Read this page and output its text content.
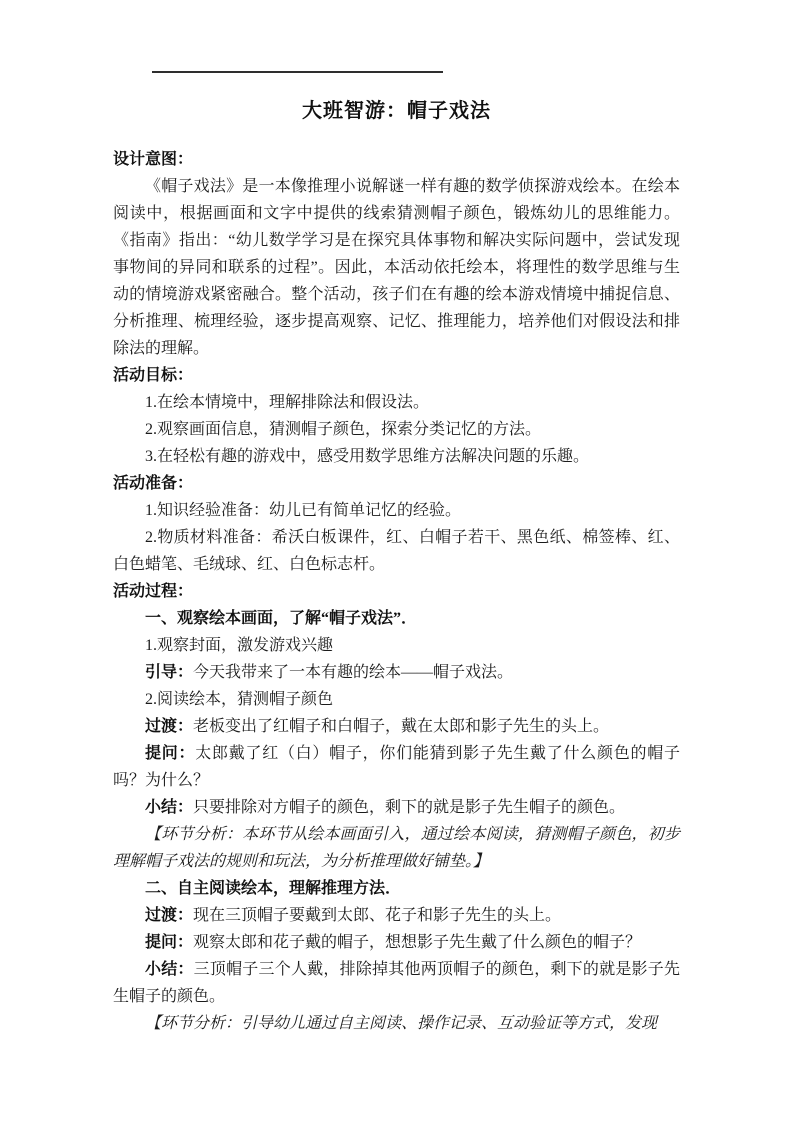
大班智游：帽子戏法

设计意图：

《帽子戏法》是一本像推理小说解谜一样有趣的数学侦探游戏绘本。在绘本阅读中，根据画面和文字中提供的线索猜测帽子颜色，锻炼幼儿的思维能力。《指南》指出：“幼儿数学学习是在探究具体事物和解决实际问题中，尝试发现事物间的异同和联系的过程”。因此，本活动依托绘本，将理性的数学思维与生动的情境游戏紧密融合。整个活动，孩子们在有趣的绘本游戏情境中捕捉信息、分析推理、梳理经验，逐步提高观察、记忆、推理能力，培养他们对假设法和排除法的理解。

活动目标：

1.在绘本情境中，理解排除法和假设法。

2.观察画面信息，猜测帽子颜色，探索分类记忆的方法。

3.在轻松有趣的游戏中，感受用数学思维方法解决问题的乐趣。

活动准备：

1.知识经验准备：幼儿已有简单记忆的经验。

2.物质材料准备：希沃白板课件，红、白帽子若干、黑色纸、棉签棒、红、白色蜡笔、毛绒球、红、白色标志杆。

活动过程：

一、观察绘本画面，了解“帽子戏法”．

1.观察封面，激发游戏兴趣

引导：今天我带来了一本有趣的绘本——帽子戏法。

2.阅读绘本，猜测帽子颜色

过渡：老板变出了红帽子和白帽子，戴在太郎和影子先生的头上。

提问：太郎戴了红（白）帽子，你们能猜到影子先生戴了什么颜色的帽子吗？为什么？

小结：只要排除对方帽子的颜色，剩下的就是影子先生帽子的颜色。

【环节分析：本环节从绘本画面引入，通过绘本阅读，猜测帽子颜色，初步理解帽子戏法的规则和玩法，为分析推理做好铺垫。】

二、自主阅读绘本，理解推理方法．

过渡：现在三顶帽子要戴到太郎、花子和影子先生的头上。

提问：观察太郎和花子戴的帽子，想想影子先生戴了什么颜色的帽子？

小结：三顶帽子三个人戴，排除掉其他两顶帽子的颜色，剩下的就是影子先生帽子的颜色。

【环节分析：引导幼儿通过自主阅读、操作记录、互动验证等方式，发现
